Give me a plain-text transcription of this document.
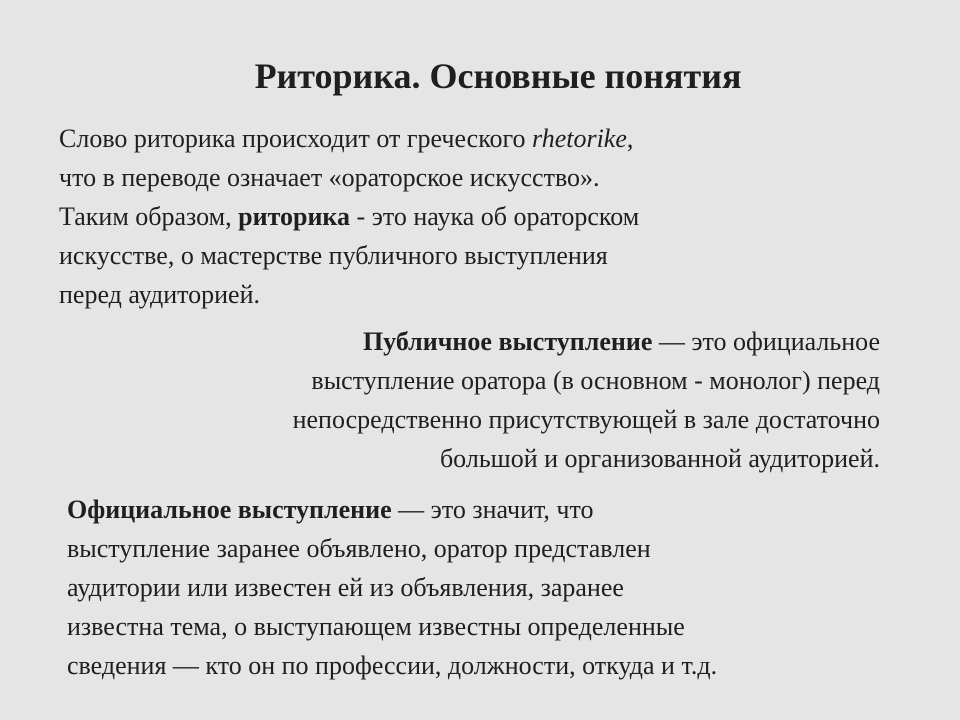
Риторика. Основные понятия
Слово риторика происходит от греческого rhetorike,
что в переводе означает «ораторское искусство».
Таким образом, риторика - это наука об ораторском
искусстве, о мастерстве публичного выступления
перед аудиторией.
Публичное выступление — это официальное
выступление оратора (в основном - монолог) перед
непосредственно присутствующей в зале достаточно
большой и организованной аудиторией.
Официальное выступление — это значит, что
выступление заранее объявлено, оратор представлен
аудитории или известен ей из объявления, заранее
известна тема, о выступающем известны определенные
сведения — кто он по профессии, должности, откуда и т.д.
